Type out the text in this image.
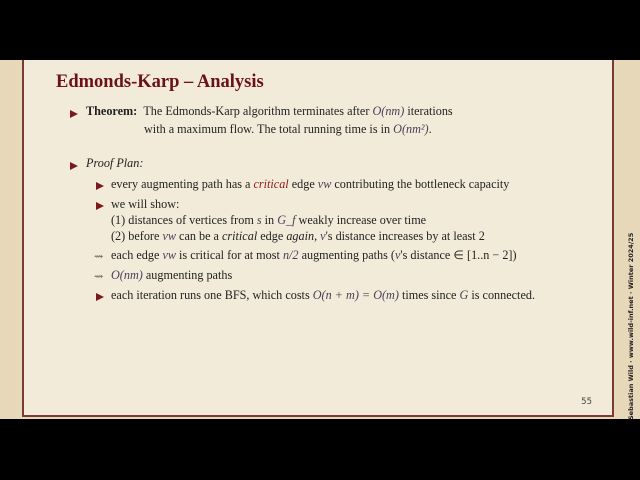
Edmonds-Karp – Analysis
Theorem: The Edmonds-Karp algorithm terminates after O(nm) iterations
with a maximum flow. The total running time is in O(nm²).
Proof Plan:
every augmenting path has a critical edge vw contributing the bottleneck capacity
we will show:
(1) distances of vertices from s in G_f weakly increase over time
(2) before vw can be a critical edge again, v's distance increases by at least 2
⇝ each edge vw is critical for at most n/2 augmenting paths (v's distance ∈ [1..n − 2])
⇝ O(nm) augmenting paths
each iteration runs one BFS, which costs O(n + m) = O(m) times since G is connected.
55	Sebastian Wild · www.wild-inf.net · Winter 2024/25
